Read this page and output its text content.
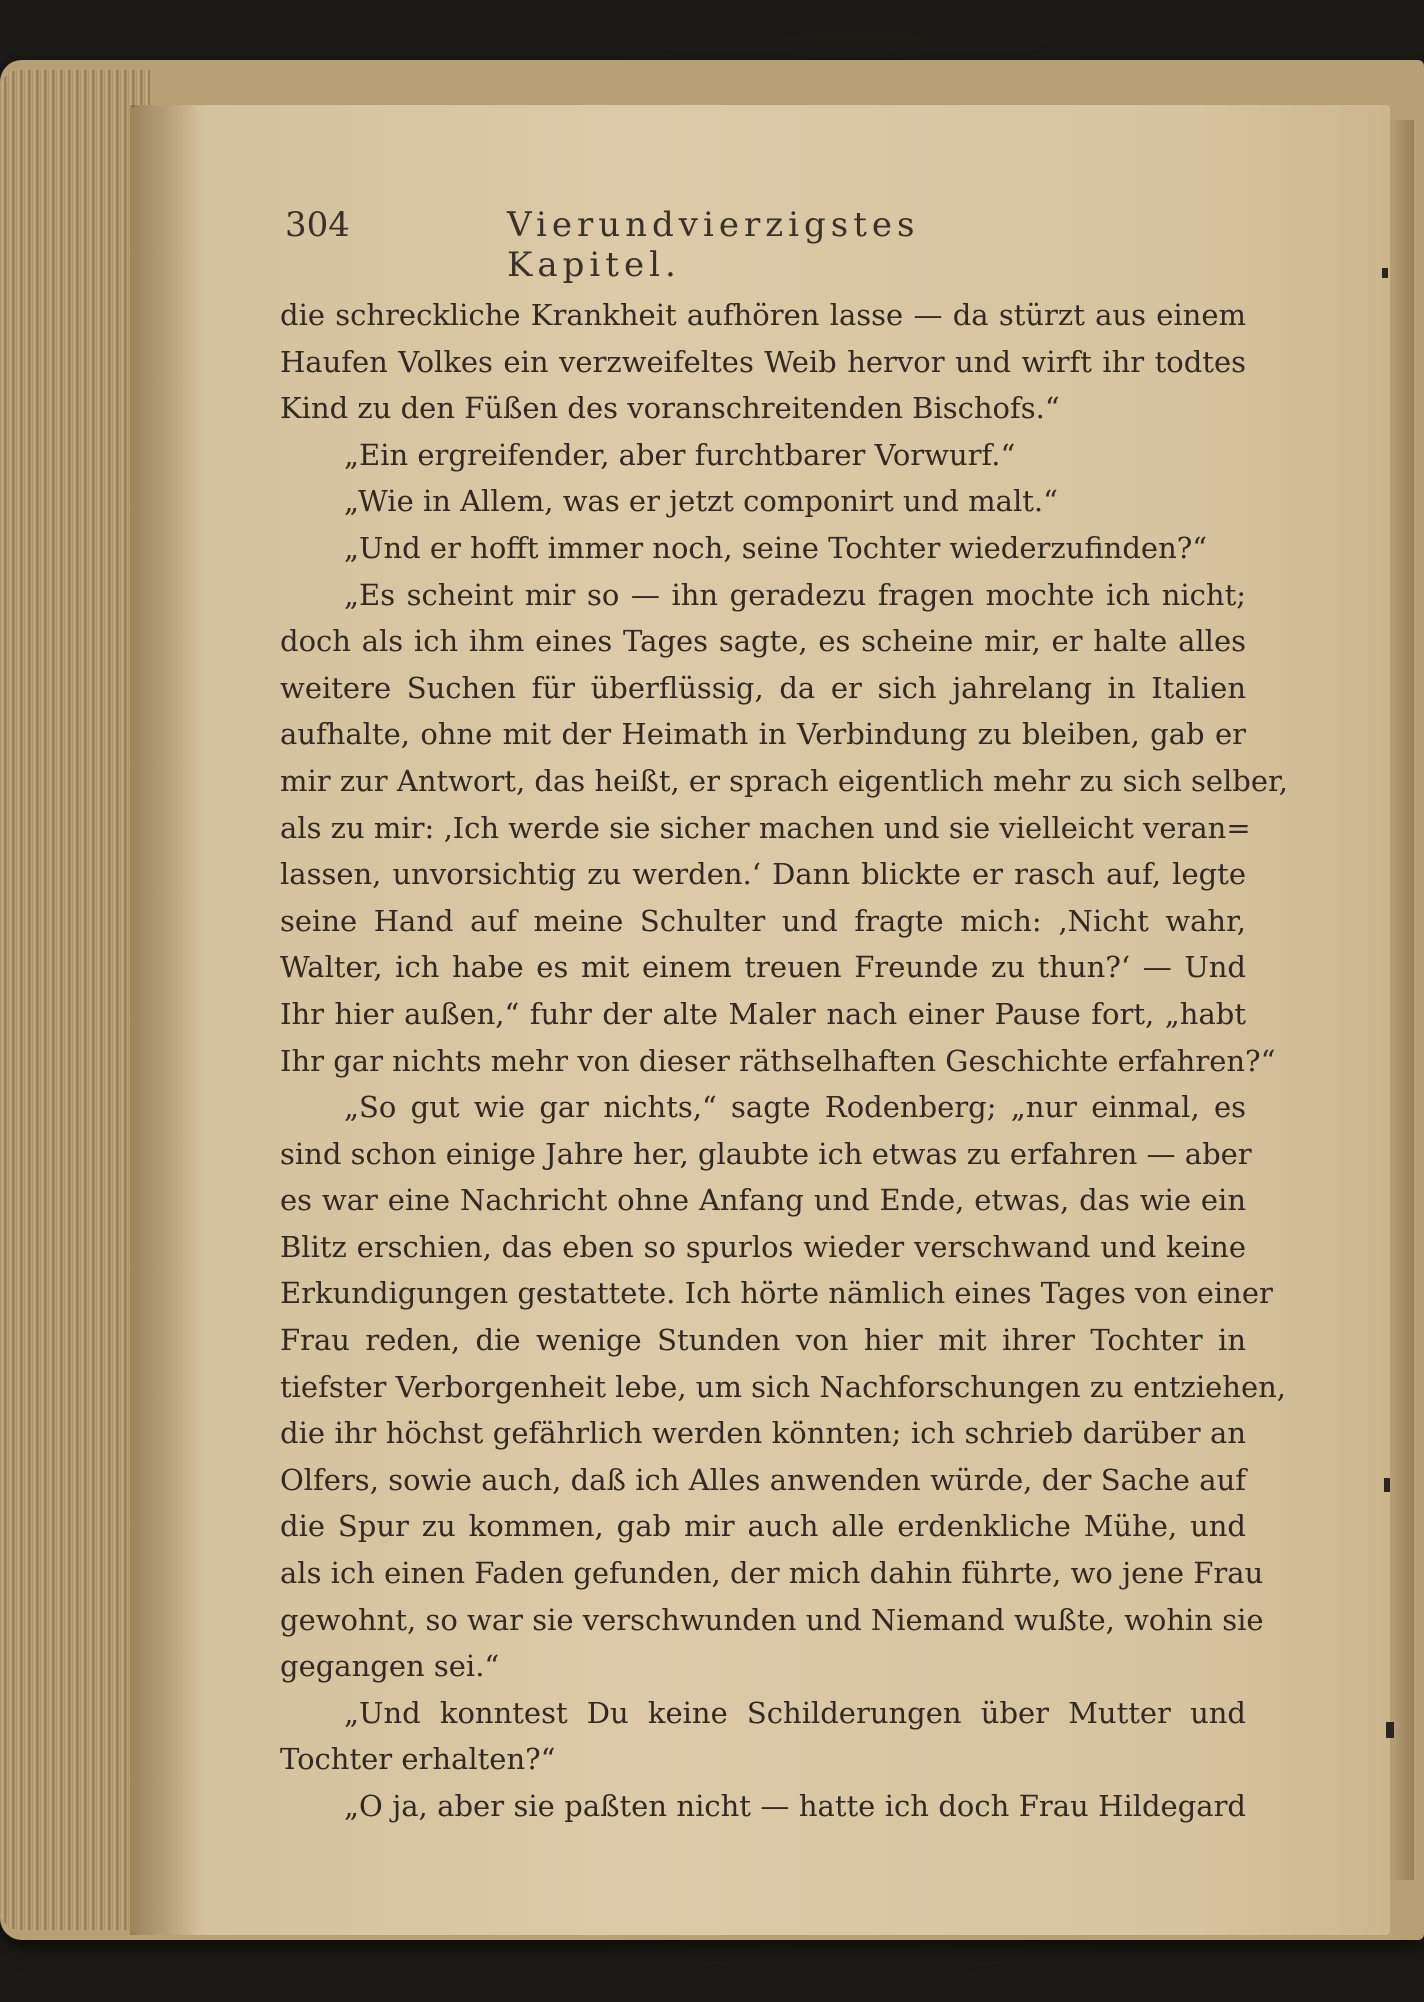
304	Vierundvierzigstes Kapitel.
die schreckliche Krankheit aufhören lasse — da stürzt aus einem
Haufen Volkes ein verzweifeltes Weib hervor und wirft ihr todtes
Kind zu den Füßen des voranschreitenden Bischofs.“
„Ein ergreifender, aber furchtbarer Vorwurf.“
„Wie in Allem, was er jetzt componirt und malt.“
„Und er hofft immer noch, seine Tochter wiederzufinden?“
„Es scheint mir so — ihn geradezu fragen mochte ich nicht;
doch als ich ihm eines Tages sagte, es scheine mir, er halte alles
weitere Suchen für überflüssig, da er sich jahrelang in Italien
aufhalte, ohne mit der Heimath in Verbindung zu bleiben, gab er
mir zur Antwort, das heißt, er sprach eigentlich mehr zu sich selber,
als zu mir: ‚Ich werde sie sicher machen und sie vielleicht veran=
lassen, unvorsichtig zu werden.‘ Dann blickte er rasch auf, legte
seine Hand auf meine Schulter und fragte mich: ‚Nicht wahr,
Walter, ich habe es mit einem treuen Freunde zu thun?‘ — Und
Ihr hier außen,“ fuhr der alte Maler nach einer Pause fort, „habt
Ihr gar nichts mehr von dieser räthselhaften Geschichte erfahren?“
„So gut wie gar nichts,“ sagte Rodenberg; „nur einmal, es
sind schon einige Jahre her, glaubte ich etwas zu erfahren — aber
es war eine Nachricht ohne Anfang und Ende, etwas, das wie ein
Blitz erschien, das eben so spurlos wieder verschwand und keine
Erkundigungen gestattete. Ich hörte nämlich eines Tages von einer
Frau reden, die wenige Stunden von hier mit ihrer Tochter in
tiefster Verborgenheit lebe, um sich Nachforschungen zu entziehen,
die ihr höchst gefährlich werden könnten; ich schrieb darüber an
Olfers, sowie auch, daß ich Alles anwenden würde, der Sache auf
die Spur zu kommen, gab mir auch alle erdenkliche Mühe, und
als ich einen Faden gefunden, der mich dahin führte, wo jene Frau
gewohnt, so war sie verschwunden und Niemand wußte, wohin sie
gegangen sei.“
„Und konntest Du keine Schilderungen über Mutter und
Tochter erhalten?“
„O ja, aber sie paßten nicht — hatte ich doch Frau Hildegard
